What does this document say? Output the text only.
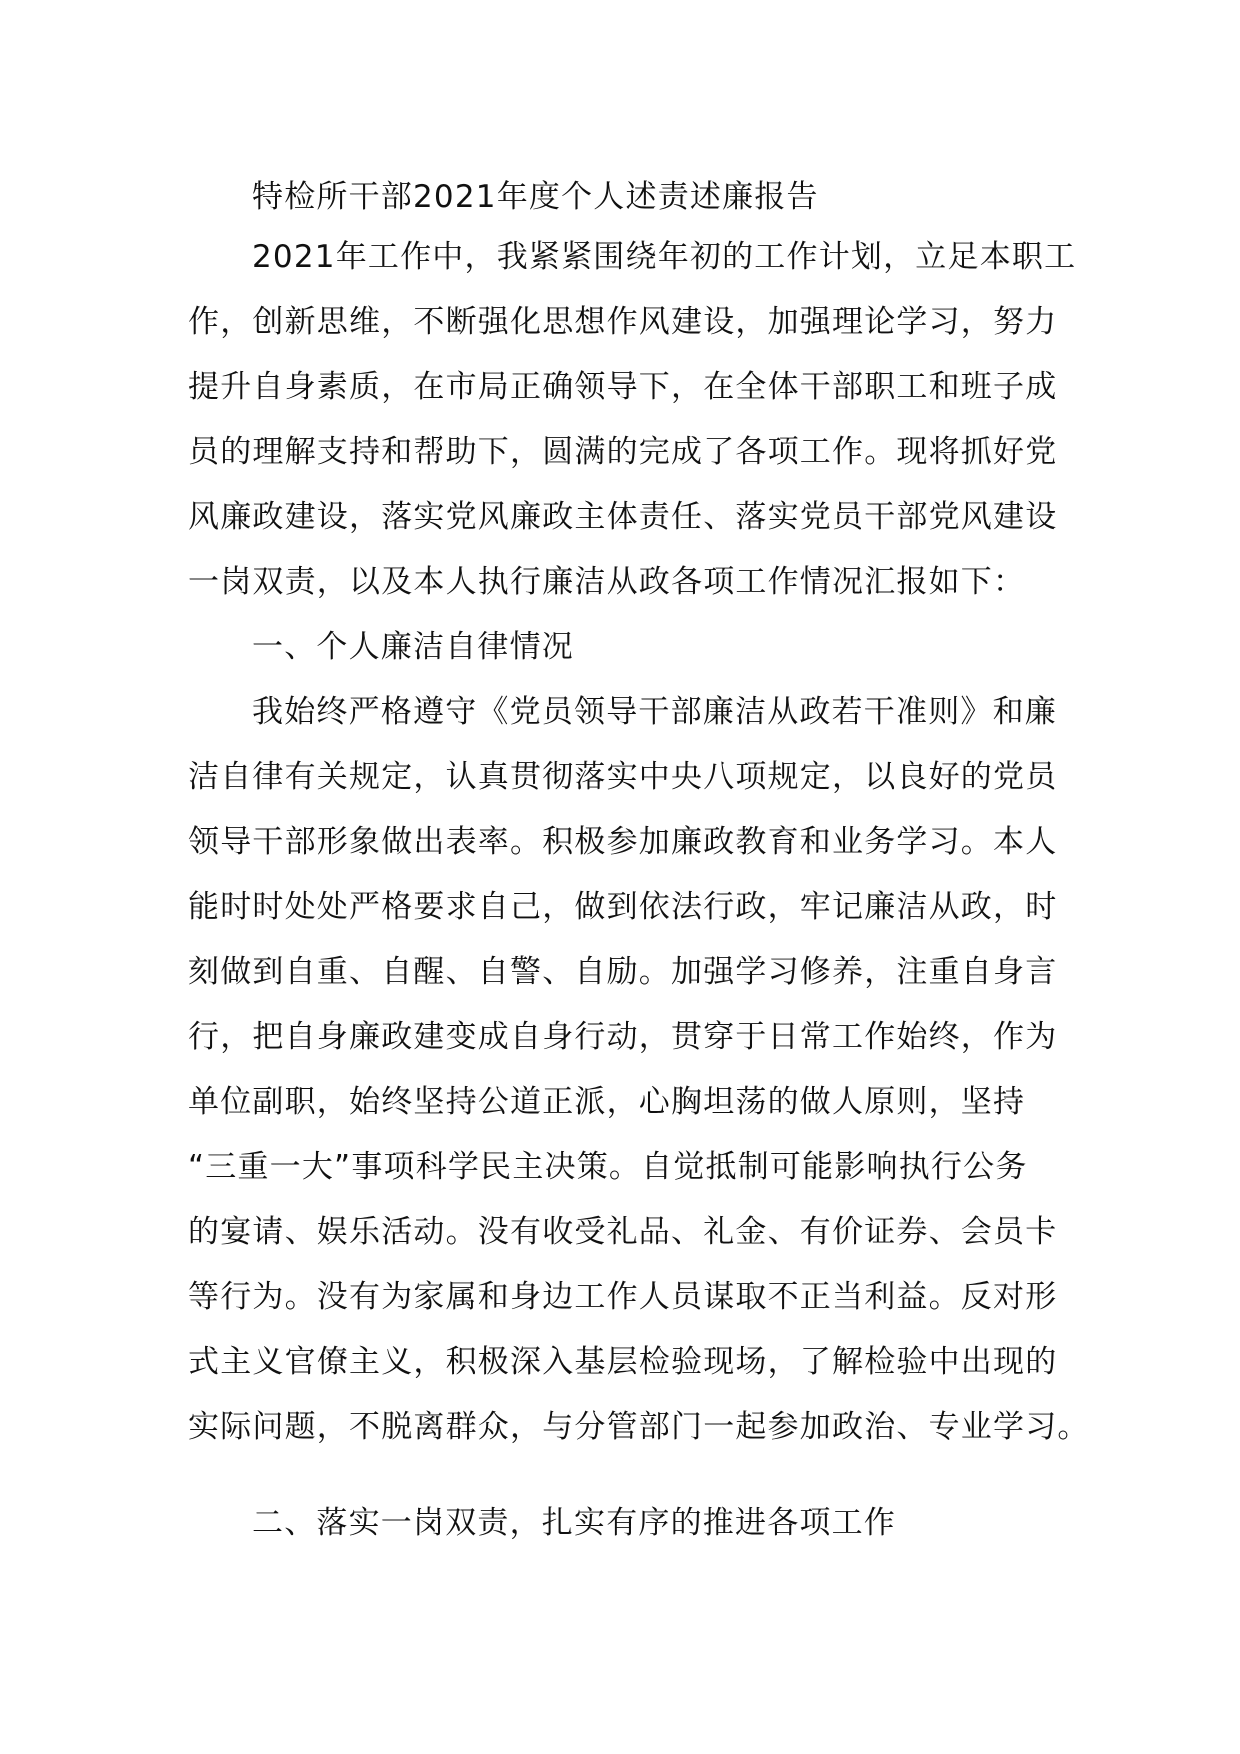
特检所干部2021年度个人述责述廉报告
2021年工作中，我紧紧围绕年初的工作计划，立足本职工
作，创新思维，不断强化思想作风建设，加强理论学习，努力
提升自身素质，在市局正确领导下，在全体干部职工和班子成
员的理解支持和帮助下，圆满的完成了各项工作。现将抓好党
风廉政建设，落实党风廉政主体责任、落实党员干部党风建设
一岗双责，以及本人执行廉洁从政各项工作情况汇报如下：
一、个人廉洁自律情况
我始终严格遵守《党员领导干部廉洁从政若干准则》和廉
洁自律有关规定，认真贯彻落实中央八项规定，以良好的党员
领导干部形象做出表率。积极参加廉政教育和业务学习。本人
能时时处处严格要求自己，做到依法行政，牢记廉洁从政，时
刻做到自重、自醒、自警、自励。加强学习修养，注重自身言
行，把自身廉政建变成自身行动，贯穿于日常工作始终，作为
单位副职，始终坚持公道正派，心胸坦荡的做人原则，坚持
“三重一大”事项科学民主决策。自觉抵制可能影响执行公务
的宴请、娱乐活动。没有收受礼品、礼金、有价证券、会员卡
等行为。没有为家属和身边工作人员谋取不正当利益。反对形
式主义官僚主义，积极深入基层检验现场，了解检验中出现的
实际问题，不脱离群众，与分管部门一起参加政治、专业学习。
二、落实一岗双责，扎实有序的推进各项工作
